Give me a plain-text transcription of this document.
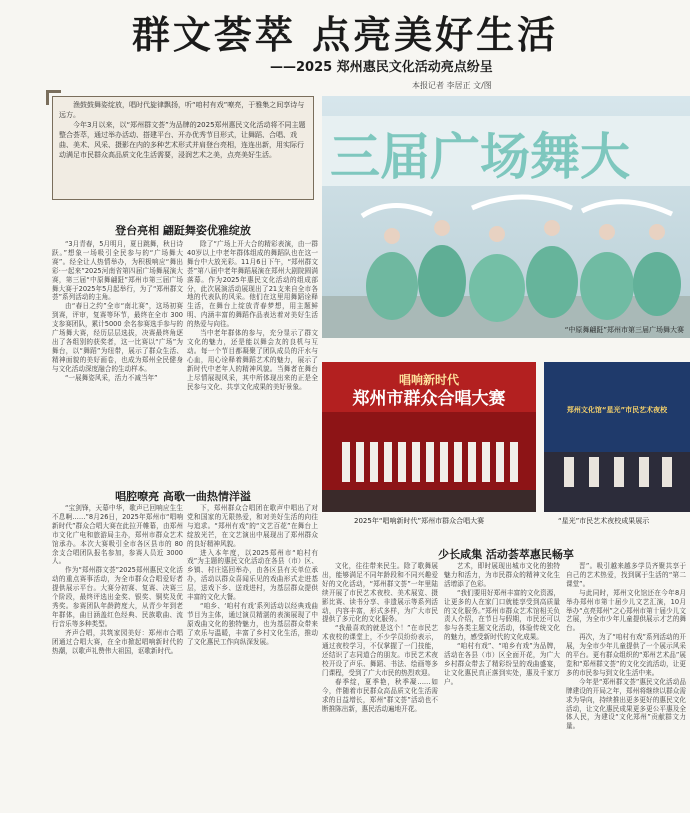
群文荟萃 点亮美好生活
——2025 郑州惠民文化活动亮点纷呈
本报记者 李居正 文/图

渔鼓鼓舞姿绽放，唱时代旋律飘扬，听“咱村有戏”嘹亮，于雅集之间享诗与远方。

今年3月以来，以“郑州群文荟”为品牌的2025郑州惠民文化活动将不同主题整合荟萃，通过举办活动、搭建平台、开办优秀节目形式，让舞蹈、合唱、戏曲、美术、风采、摄影在内的多种艺术形式并肩登台亮相，连连出新，用实际行动满足市民群众高品质文化生活需要，浸润艺术之美，点亮美好生活。	三届广场舞大
“中原舞翩跹”郑州市第三届广场舞大赛
登台亮相 翩跹舞姿优雅绽放

“3月青春，5月明月，夏日跳舞，秋日诗跃。”想象一场吸引全民参与的“广场舞大赛”。经全让人热情举办，为积极响应“舞出彩·一起来”2025河南省第四届广场舞展演大赛，第三届“中原舞翩跹”郑州市第三届广场舞大赛于2025年5月起举行，为了“郑州群文荟”系列活动的主角。

由“春日之约”全市“南北赛”，这场初赛到赛，评审，复赛等环节，最终在全市 300 支参赛团队，累计5000 余名参赛选手参与的广场舞大赛，经历层层选拔，决赛最终角逐出了各组别的获奖者，这一比赛以“广场”为舞台，以“舞蹈”为纽带，展示了群众生活、精神面貌的美好画卷，也成为郑州全民健身与文化活动深度融合的生动样本。

“一展舞姿风采，活力不减当年”

除了“广场上开大合的精彩表演，由一群40岁以上中老年群体组成的舞蹈队也在这一舞台中大放光彩。11月6日下午，“郑州群文荟”第八届中老年舞蹈展演在郑州大剧院圆满落幕。作为2025年惠民文化活动的组成部分，此次展演活动展现出了21支来自全市各地的代表队的风采。他们在这里用舞蹈诠释生活，在舞台上绽放青春梦想，用主题鲜明、内涵丰富的舞蹈作品表达着对美好生活的热爱与向往。

当中老年群体的参与，充分显示了群文文化的魅力，还是能以舞会友的良机与互动。每一个节目都凝聚了团队成员的汗水与心血，用心诠释着舞蹈艺术的魅力，展示了新时代中老年人的精神风貌。当舞者在舞台上尽情展现风采，其中所体现出来的正是全民参与文化、共享文化成果的美好景象。	唱响新时代
郑州市群众合唱大赛
郑州文化馆“星光”市民艺术夜校
2025年“唱响新时代”郑州市群众合唱大赛	“星光”市民艺术夜校成果展示
唱腔嘹亮 高歌一曲热情洋溢

“宝剑锋，天幕中华，歌声已回响应生生不息啊……”8月26日，2025年郑州市“唱响新时代”群众合唱大赛在此拉开帷幕，由郑州市文化广电和旅游局主办，郑州市群众艺术馆承办。本次大赛吸引全市各区县市的 80 余支合唱团队报名参加，参赛人员近 3000 人。

作为“郑州群文荟”2025郑州惠民文化活动的重点赛事活动，为全市群众合唱爱好者提供展示平台。大赛分初赛、复赛、决赛三个阶段，最终评选出金奖、银奖、铜奖及优秀奖。参赛团队年龄跨度大，从青少年到老年群体，曲目涵盖红色经典、民族歌曲、流行音乐等多种类型。

齐声合唱，共筑家园美好：郑州市合唱团通过合唱大赛，在全市掀起唱响新时代的热潮，以歌声礼赞伟大祖国，讴歌新时代。

下，郑州群众合唱团在歌声中唱出了对党和国家的无限热爱，和对美好生活的向往与追求。“郑州有戏”的“文艺百花”在舞台上绽放光芒，在文艺演出中展现出了郑州群众的良好精神风貌。

进入本年度，以2025郑州市“咱村有戏”为主题的惠民文化活动在各县（市）区、乡镇、村庄巡回举办，由各区县有关单位承办，活动以群众喜闻乐见的戏曲形式走进基层，送戏下乡、送戏进村，为基层群众提供丰富的文化大餐。

“咱乡、‘咱村有戏’系列活动以经典戏曲节目为主体，通过演员精湛的表演展现了中原戏曲文化的独特魅力，也为基层群众带来了欢乐与温暖，丰富了乡村文化生活，推动了文化惠民工作向纵深发展。

少长咸集 活动荟萃惠民畅享

文化，往往带来民生。除了歌舞展出，能够满足不同年龄段和不同兴趣爱好的文化活动，“郑州群文荟”一年里陆续开展了市民艺术夜校、美术展览、摄影比赛、读书分享、非遗展示等系列活动，内容丰富，形式多样，为广大市民提供了多元化的文化服务。

“我最喜欢的就是这个！”在市民艺术夜校的课堂上，不少学员纷纷表示，通过夜校学习，不仅掌握了一门技能，还结识了志同道合的朋友。市民艺术夜校开设了声乐、舞蹈、书法、绘画等多门课程，受到了广大市民的热烈欢迎。

春季绽，夏季艳，秋季凝……如今，伴随着市民群众高品质文化生活需求的日益增长，郑州“群文荟”活动也不断推陈出新，惠民活动遍地开花。

艺术，即时展现出城市文化的独特魅力和活力，为市民群众的精神文化生活增添了色彩。

“我们要用好郑州丰富的文化资源，让更多的人在家门口就能享受到高质量的文化服务。”郑州市群众艺术馆相关负责人介绍，在节日与假期，市民还可以参与各类主题文化活动，体验传统文化的魅力，感受新时代的文化成果。

“咱村有戏”、“咱乡有戏”为品牌，活动在各县（市）区全面开花，为广大乡村群众带去了精彩纷呈的戏曲盛宴，让文化惠民真正落到实处，惠及千家万户。

晋”。吸引越来越多学员齐聚共享于自己的艺术热爱，找到属于生活的“第二课堂”。

与此同时，郑州文化馆还在今年8月举办郑州市第十届少儿文艺汇演，10月举办“点亮郑州”之心郑州市第十届少儿文艺展，为全市少年儿童提供展示才艺的舞台。

再次，为了“咱村有戏”系列活动的开展，为全市少年儿童提供了一个展示风采的平台。更有群众组织的“郑州艺术品”展览和“郑州群文荟”的文化交流活动，让更多的市民参与到文化生活中来。

今年是“郑州群文荟”惠民文化活动品牌建设的开局之年，郑州将继续以群众需求为导向，持续推出更多更好的惠民文化活动，让文化惠民成果更多更公平惠及全体人民，为建设“文化郑州”贡献群文力量。
